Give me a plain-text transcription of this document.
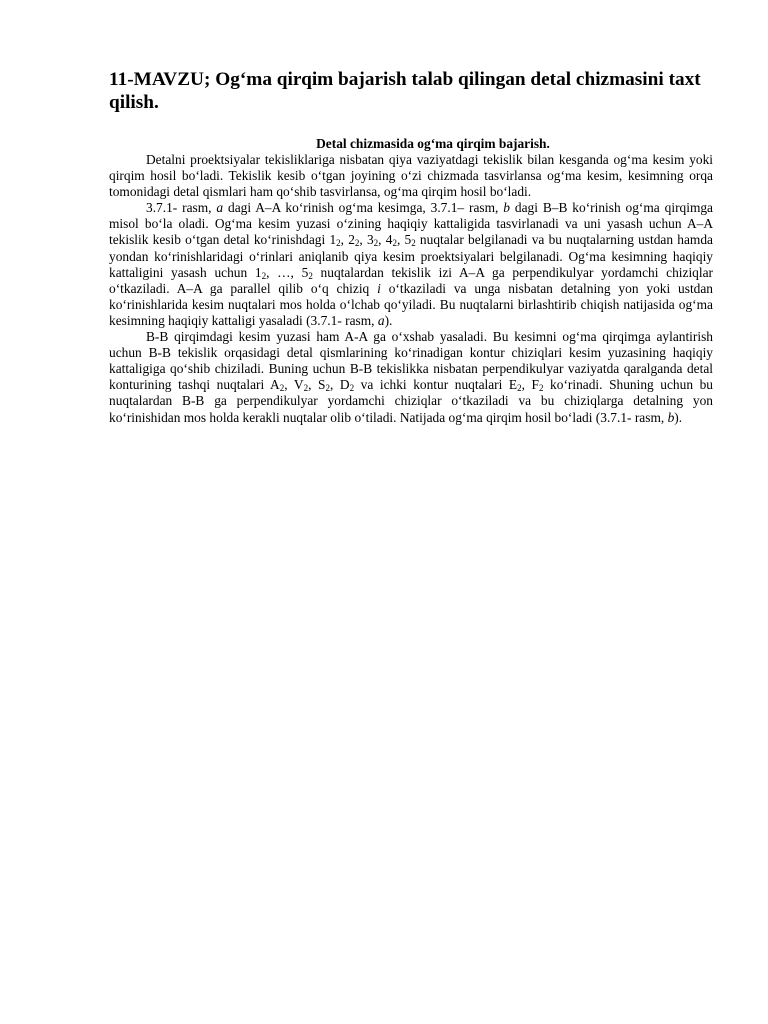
11-MAVZU; Og‘ma qirqim bajarish talab qilingan detal chizmasini taxt qilish.
Detal chizmasida og‘ma qirqim bajarish.

Detalni proektsiyalar tekisliklariga nisbatan qiya vaziyatdagi tekislik bilan kesganda og‘ma kesim yoki qirqim hosil bo‘ladi. Tekislik kesib o‘tgan joyining o‘zi chizmada tasvirlansa og‘ma kesim, kesimning orqa tomonidagi detal qismlari ham qo‘shib tasvirlansa, og‘ma qirqim hosil bo‘ladi.

3.7.1- rasm, a dagi A–A ko‘rinish og‘ma kesimga, 3.7.1– rasm, b dagi B–B ko‘rinish og‘ma qirqimga misol bo‘la oladi. Og‘ma kesim yuzasi o‘zining haqiqiy kattaligida tasvirlanadi va uni yasash uchun A–A tekislik kesib o‘tgan detal ko‘rinishdagi $1_2$, $2_2$, $3_2$, $4_2$, $5_2$ nuqtalar belgilanadi va bu nuqtalarning ustdan hamda yondan ko‘rinishlaridagi o‘rinlari aniqlanib qiya kesim proektsiyalari belgilanadi. Og‘ma kesimning haqiqiy kattaligini yasash uchun $1_2$, …, $5_2$ nuqtalardan tekislik izi A–A ga perpendikulyar yordamchi chiziqlar o‘tkaziladi. A–A ga parallel qilib o‘q chiziq i o‘tkaziladi va unga nisbatan detalning yon yoki ustdan ko‘rinishlarida kesim nuqtalari mos holda o‘lchab qo‘yiladi. Bu nuqtalarni birlashtirib chiqish natijasida og‘ma kesimning haqiqiy kattaligi yasaladi (3.7.1- rasm, a).

B-B qirqimdagi kesim yuzasi ham A-A ga o‘xshab yasaladi. Bu kesimni og‘ma qirqimga aylantirish uchun B-B tekislik orqasidagi detal qismlarining ko‘rinadigan kontur chiziqlari kesim yuzasining haqiqiy kattaligiga qo‘shib chiziladi. Buning uchun B-B tekislikka nisbatan perpendikulyar vaziyatda qaralganda detal konturining tashqi nuqtalari $A_2$, $V_2$, $S_2$, $D_2$ va ichki kontur nuqtalari $E_2$, $F_2$ ko‘rinadi. Shuning uchun bu nuqtalardan B-B ga perpendikulyar yordamchi chiziqlar o‘tkaziladi va bu chiziqlarga detalning yon ko‘rinishidan mos holda kerakli nuqtalar olib o‘tiladi. Natijada og‘ma qirqim hosil bo‘ladi (3.7.1- rasm, b).
